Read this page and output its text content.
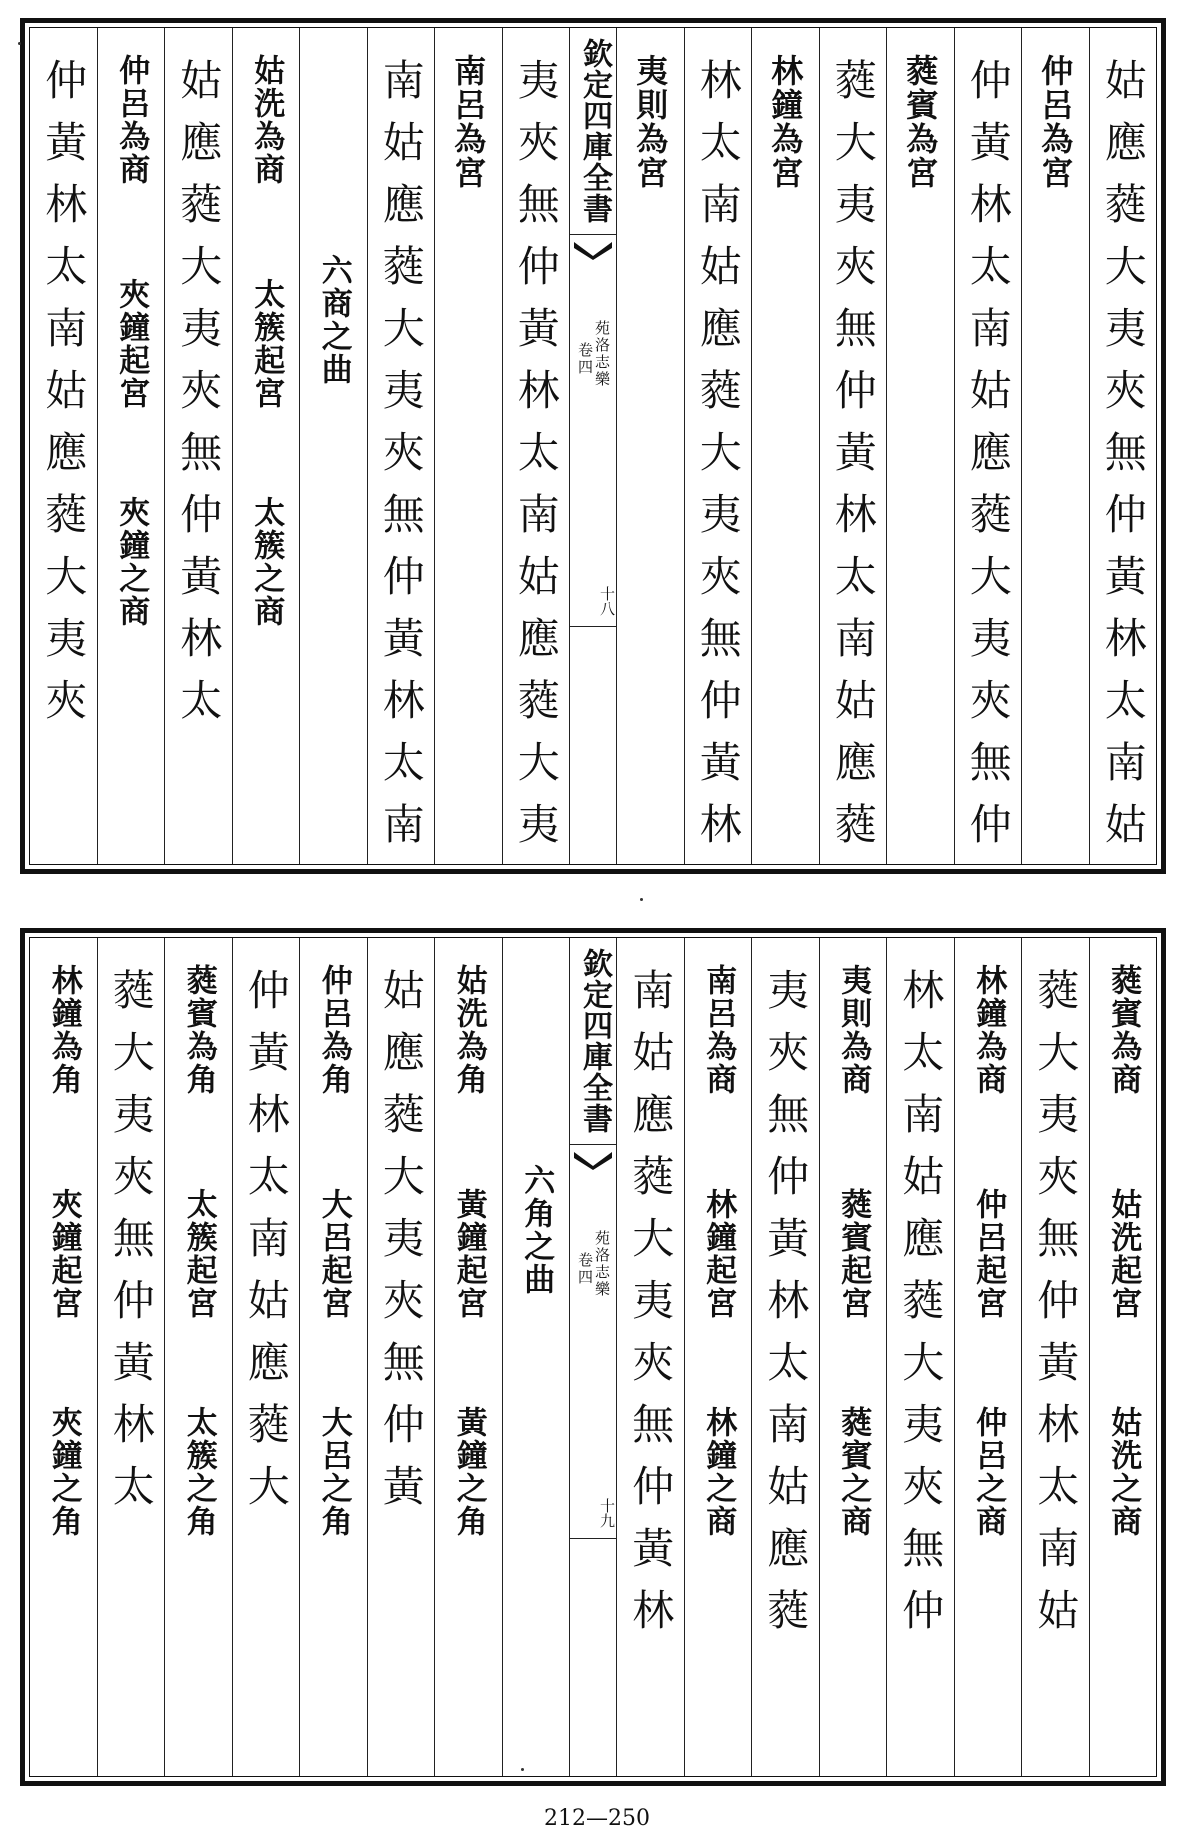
姑應蕤大夷夾無仲黃林太南姑
仲呂為宮
仲黃林太南姑應蕤大夷夾無仲
蕤賓為宮
蕤大夷夾無仲黃林太南姑應蕤
林鐘為宮
林太南姑應蕤大夷夾無仲黃林
夷則為宮
欽定四庫全書
苑洛志樂
卷四
十八
夷夾無仲黃林太南姑應蕤大夷
南呂為宮
南姑應蕤大夷夾無仲黃林太南
六商之曲
姑洗為商
太簇起宮
太簇之商
姑應蕤大夷夾無仲黃林太
仲呂為商
夾鐘起宮
夾鐘之商
仲黃林太南姑應蕤大夷夾
蕤賓為商
姑洗起宮
姑洗之商
蕤大夷夾無仲黃林太南姑
林鐘為商
仲呂起宮
仲呂之商
林太南姑應蕤大夷夾無仲
夷則為商
蕤賓起宮
蕤賓之商
夷夾無仲黃林太南姑應蕤
南呂為商
林鐘起宮
林鐘之商
南姑應蕤大夷夾無仲黃林
欽定四庫全書
苑洛志樂
卷四
十九
六角之曲
姑洗為角
黃鐘起宮
黃鐘之角
姑應蕤大夷夾無仲黃
仲呂為角
大呂起宮
大呂之角
仲黃林太南姑應蕤大
蕤賓為角
太簇起宮
太簇之角
蕤大夷夾無仲黃林太
林鐘為角
夾鐘起宮
夾鐘之角
212—250
